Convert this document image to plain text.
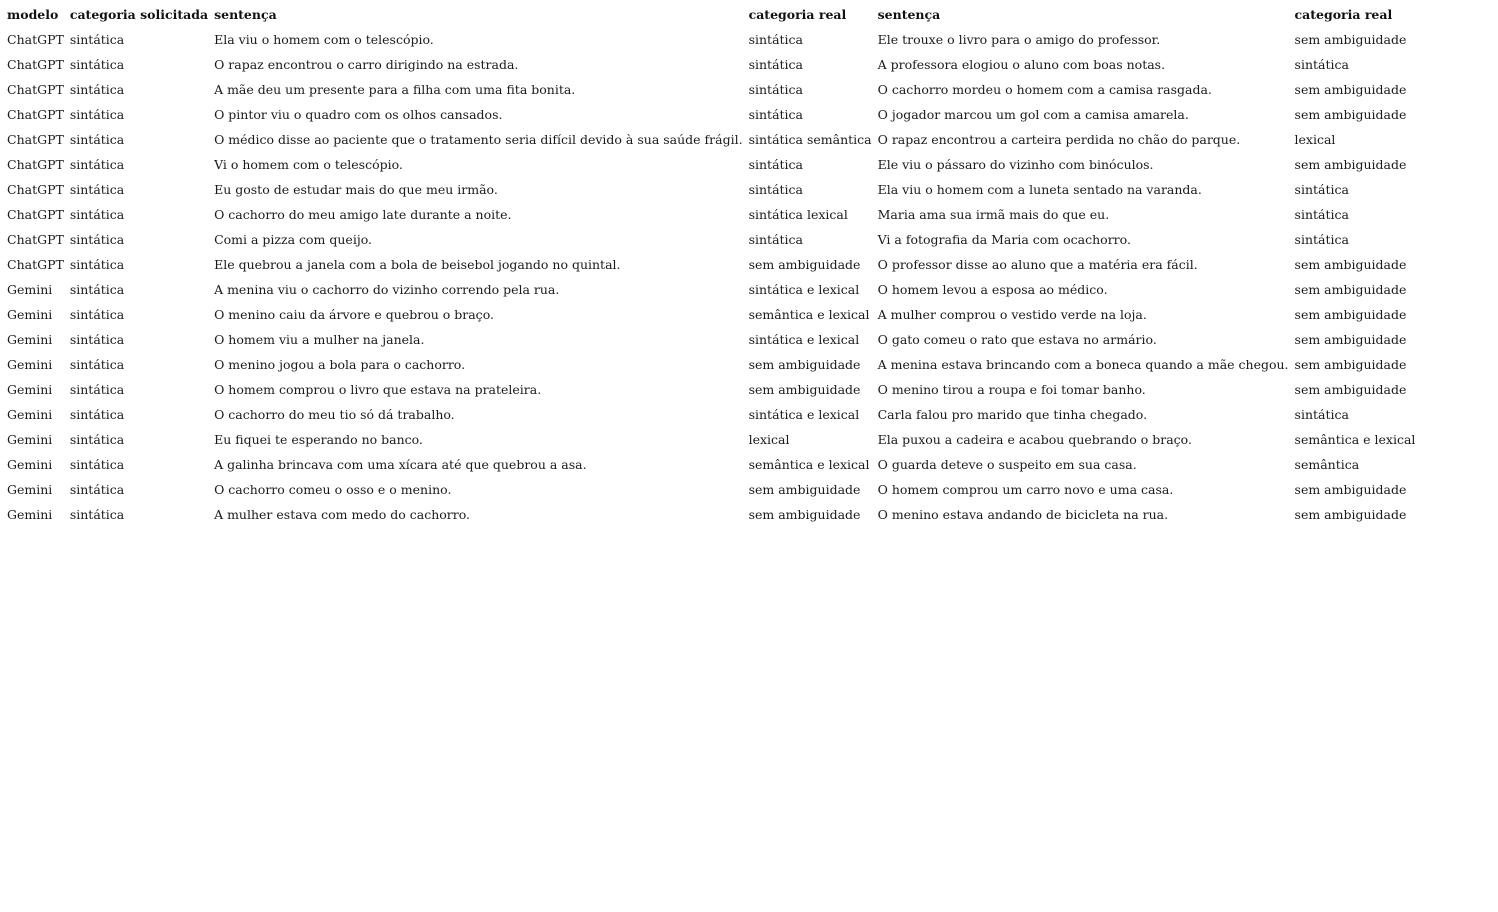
modelo	categoria solicitada	sentença	categoria real	sentença	categoria real
ChatGPT	sintática	Ela viu o homem com o telescópio.	sintática	Ele trouxe o livro para o amigo do professor.	sem ambiguidade
ChatGPT	sintática	O rapaz encontrou o carro dirigindo na estrada.	sintática	A professora elogiou o aluno com boas notas.	sintática
ChatGPT	sintática	A mãe deu um presente para a filha com uma fita bonita.	sintática	O cachorro mordeu o homem com a camisa rasgada.	sem ambiguidade
ChatGPT	sintática	O pintor viu o quadro com os olhos cansados.	sintática	O jogador marcou um gol com a camisa amarela.	sem ambiguidade
ChatGPT	sintática	O médico disse ao paciente que o tratamento seria difícil devido à sua saúde frágil.	sintática semântica	O rapaz encontrou a carteira perdida no chão do parque.	lexical
ChatGPT	sintática	Vi o homem com o telescópio.	sintática	Ele viu o pássaro do vizinho com binóculos.	sem ambiguidade
ChatGPT	sintática	Eu gosto de estudar mais do que meu irmão.	sintática	Ela viu o homem com a luneta sentado na varanda.	sintática
ChatGPT	sintática	O cachorro do meu amigo late durante a noite.	sintática lexical	Maria ama sua irmã mais do que eu.	sintática
ChatGPT	sintática	Comi a pizza com queijo.	sintática	Vi a fotografia da Maria com ocachorro.	sintática
ChatGPT	sintática	Ele quebrou a janela com a bola de beisebol jogando no quintal.	sem ambiguidade	O professor disse ao aluno que a matéria era fácil.	sem ambiguidade
Gemini	sintática	A menina viu o cachorro do vizinho correndo pela rua.	sintática e lexical	O homem levou a esposa ao médico.	sem ambiguidade
Gemini	sintática	O menino caiu da árvore e quebrou o braço.	semântica e lexical	A mulher comprou o vestido verde na loja.	sem ambiguidade
Gemini	sintática	O homem viu a mulher na janela.	sintática e lexical	O gato comeu o rato que estava no armário.	sem ambiguidade
Gemini	sintática	O menino jogou a bola para o cachorro.	sem ambiguidade	A menina estava brincando com a boneca quando a mãe chegou.	sem ambiguidade
Gemini	sintática	O homem comprou o livro que estava na prateleira.	sem ambiguidade	O menino tirou a roupa e foi tomar banho.	sem ambiguidade
Gemini	sintática	O cachorro do meu tio só dá trabalho.	sintática e lexical	Carla falou pro marido que tinha chegado.	sintática
Gemini	sintática	Eu fiquei te esperando no banco.	lexical	Ela puxou a cadeira e acabou quebrando o braço.	semântica e lexical
Gemini	sintática	A galinha brincava com uma xícara até que quebrou a asa.	semântica e lexical	O guarda deteve o suspeito em sua casa.	semântica
Gemini	sintática	O cachorro comeu o osso e o menino.	sem ambiguidade	O homem comprou um carro novo e uma casa.	sem ambiguidade
Gemini	sintática	A mulher estava com medo do cachorro.	sem ambiguidade	O menino estava andando de bicicleta na rua.	sem ambiguidade
